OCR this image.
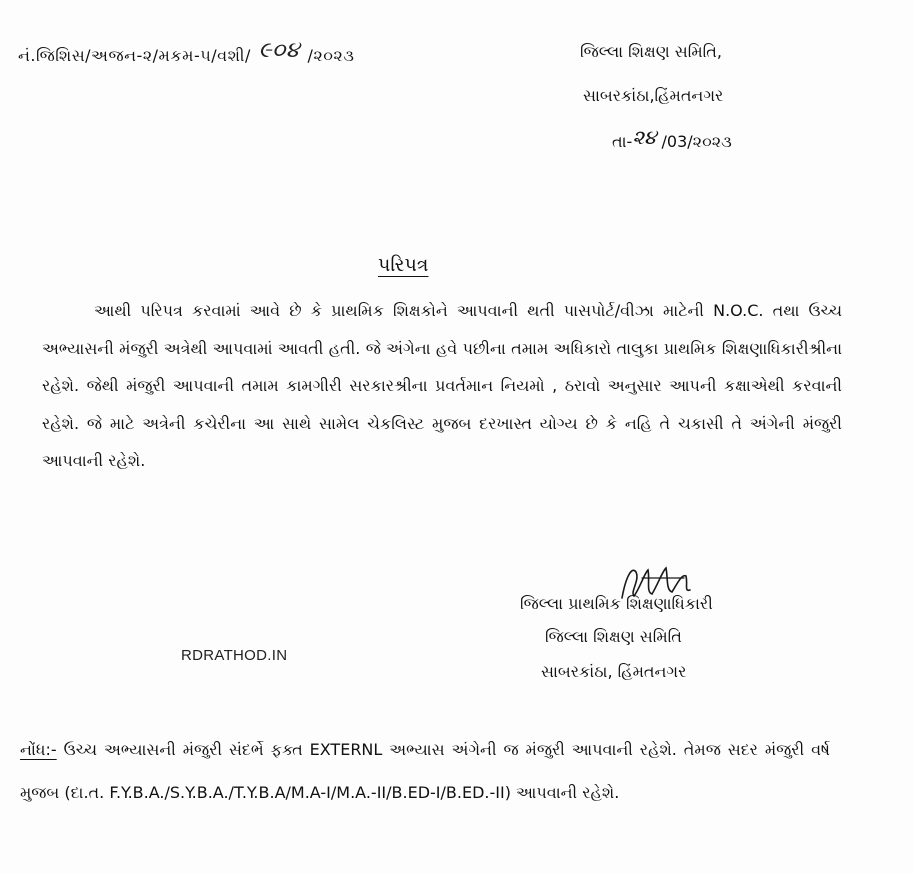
નં.જિશિસ/અજન-૨/મકમ-૫/વશી/ ૯૦૪ /૨૦૨૩	જિલ્લા શિક્ષણ સમિતિ,
સાબરકાંઠા,હિંમતનગર
તા-૨૪ /03/૨૦૨૩
પરિપત્ર
આથી પરિપત્ર કરવામાં આવે છે કે પ્રાથમિક શિક્ષકોને આપવાની થતી પાસપોર્ટ/વીઝા માટેની N.O.C. તથા ઉચ્ચ અભ્યાસની મંજુરી અત્રેથી આપવામાં આવતી હતી. જે અંગેના હવે પછીના તમામ અધિકારો તાલુકા પ્રાથમિક શિક્ષણાધિકારીશ્રીના રહેશે. જેથી મંજુરી આપવાની તમામ કામગીરી સરકારશ્રીના પ્રવર્તમાન નિયમો , ઠરાવો અનુસાર આપની કક્ષાએથી કરવાની રહેશે. જે માટે અત્રેની કચેરીના આ સાથે સામેલ ચેકલિસ્ટ મુજબ દરખાસ્ત યોગ્ય છે કે નહિ તે ચકાસી તે અંગેની મંજુરી આપવાની રહેશે.
જિલ્લા પ્રાથમિક શિક્ષણાધિકારી
જિલ્લા શિક્ષણ સમિતિ
સાબરકાંઠા, હિંમતનગર
RDRATHOD.IN
નોંધ:- ઉચ્ચ અભ્યાસની મંજુરી સંદર્ભે ફક્ત EXTERNL અભ્યાસ અંગેની જ મંજુરી આપવાની રહેશે. તેમજ સદર મંજુરી વર્ષ મુજબ (દા.ત. F.Y.B.A./S.Y.B.A./T.Y.B.A/M.A-I/M.A.-II/B.ED-I/B.ED.-II) આપવાની રહેશે.
